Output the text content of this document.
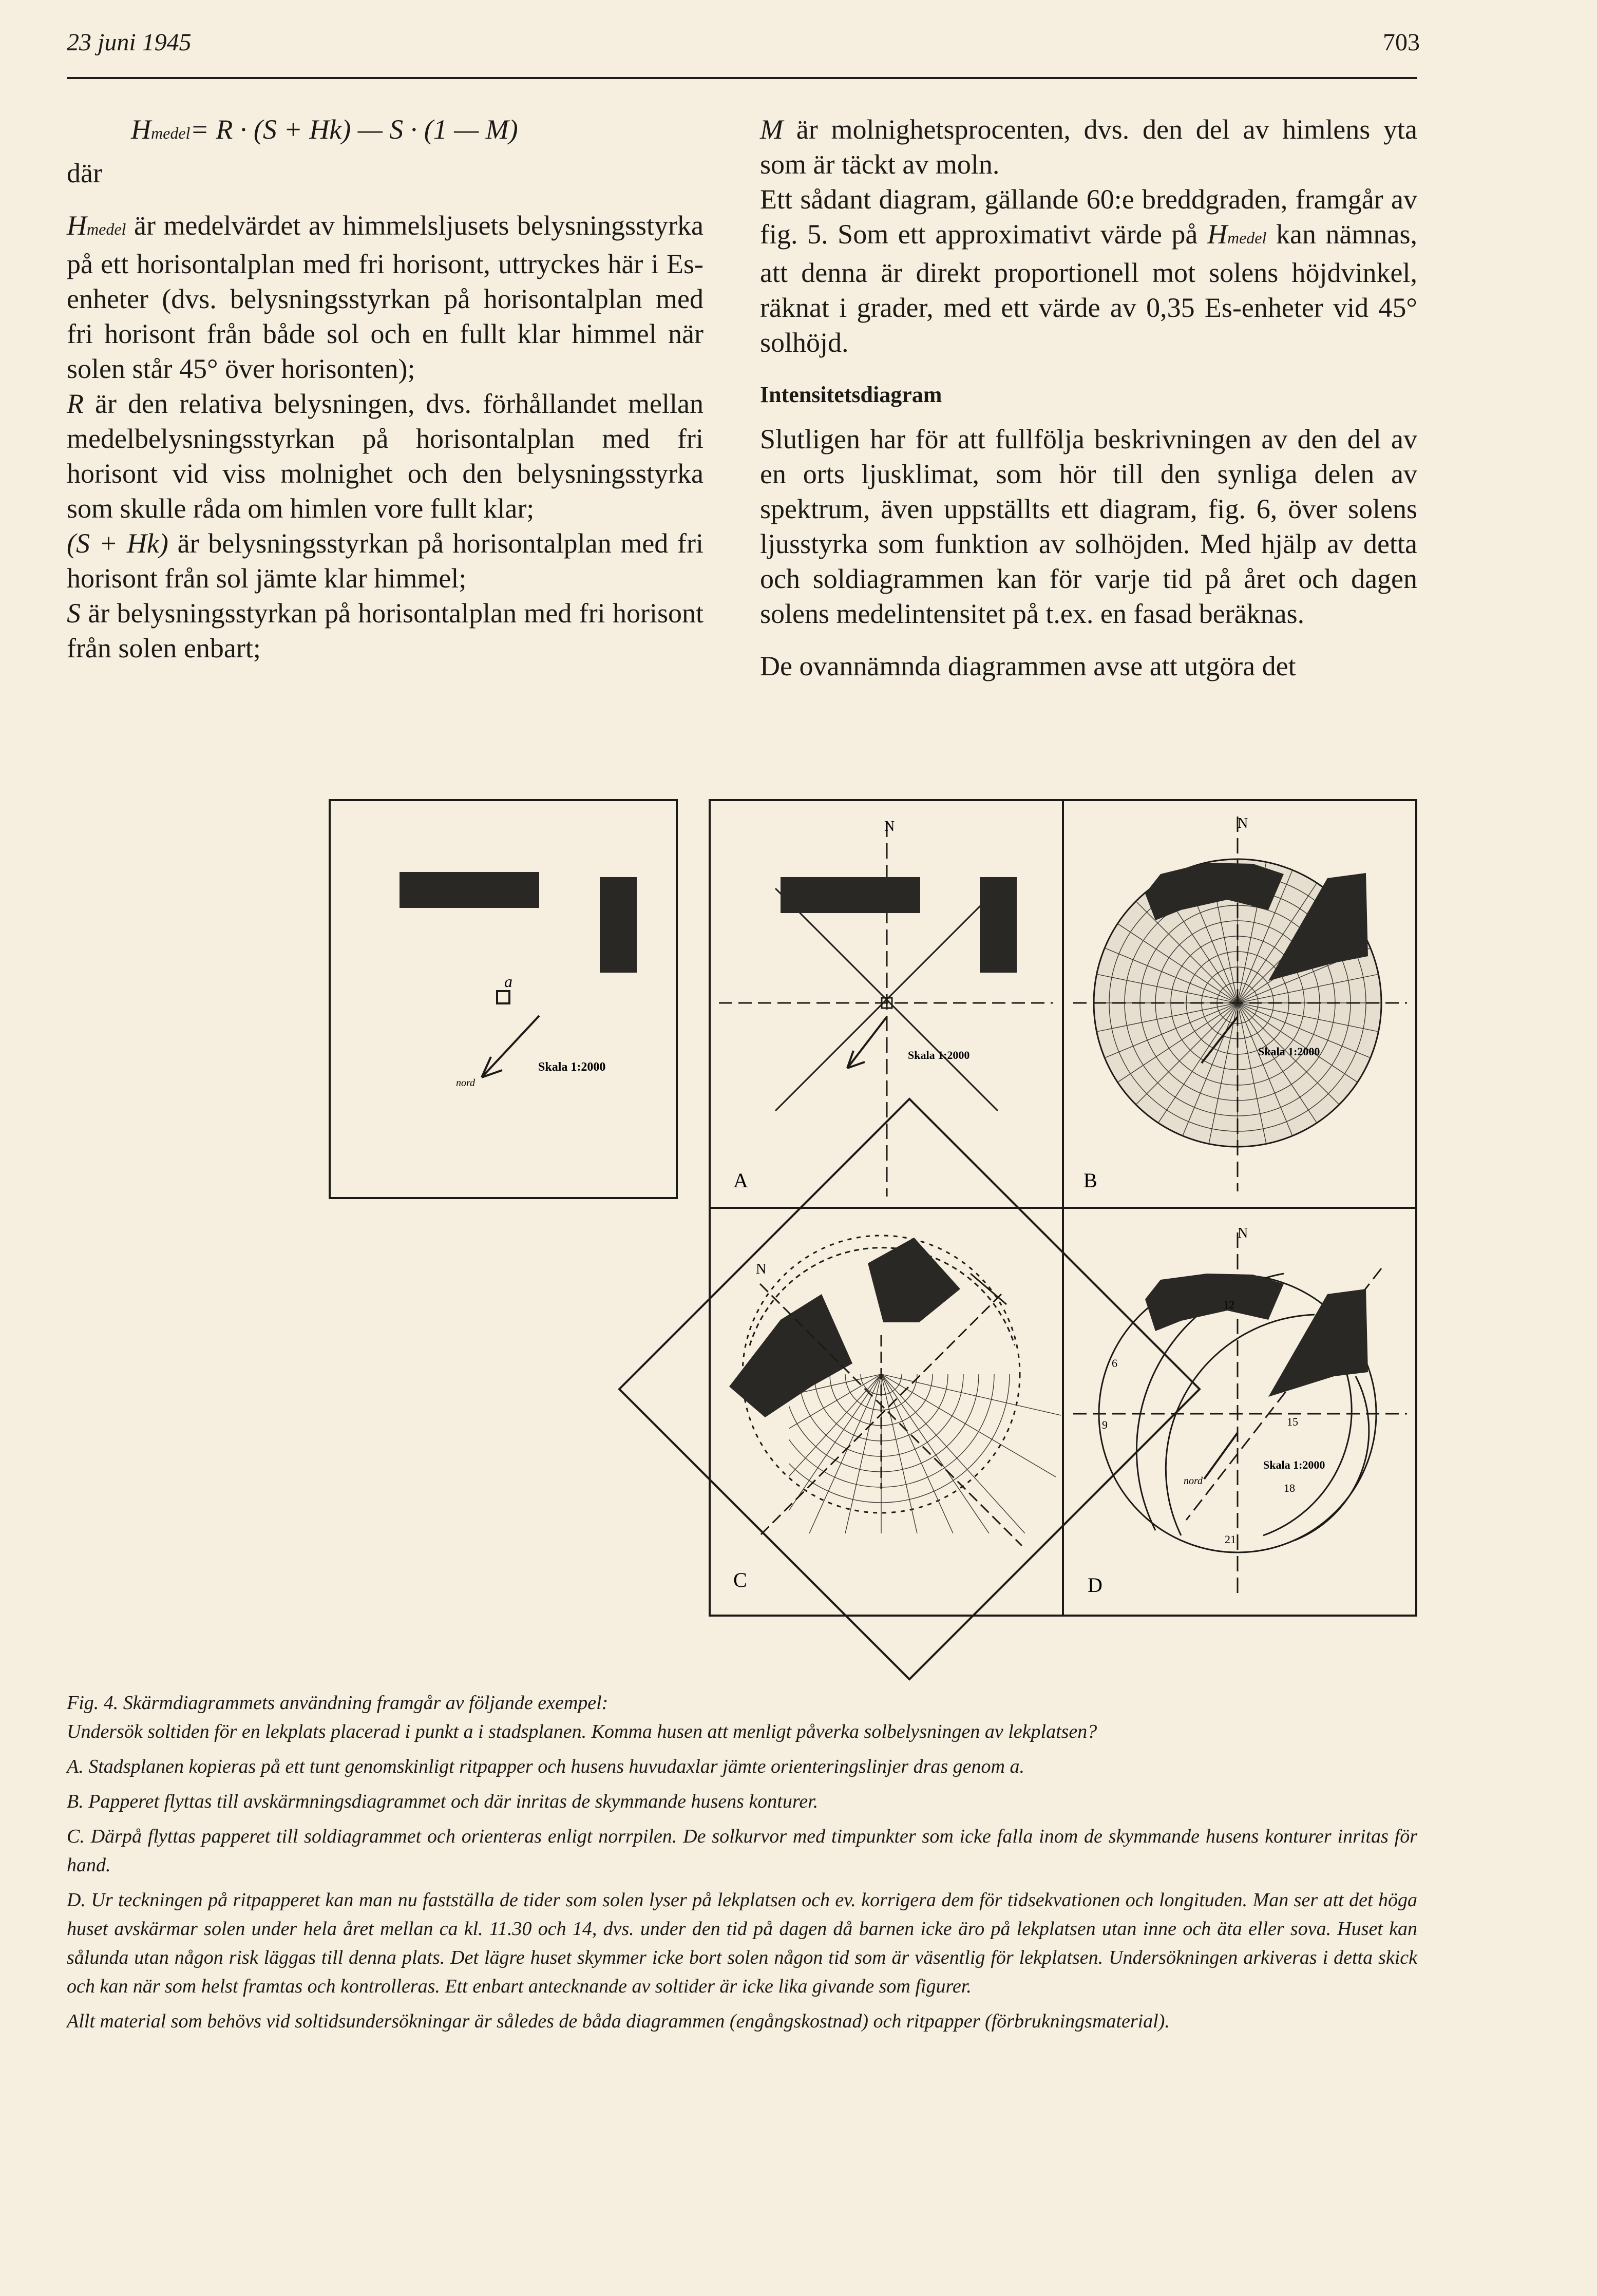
23 juni 1945	703

Hmedel= R · (S + Hk) — S · (1 — M)

där

Hmedel är medelvärdet av himmelsljusets belysningsstyrka på ett horisontalplan med fri horisont, uttryckes här i Es-enheter (dvs. belysningsstyrkan på horisontalplan med fri horisont från både sol och en fullt klar himmel när solen står 45° över horisonten);

R är den relativa belysningen, dvs. förhållandet mellan medelbelysningsstyrkan på horisontalplan med fri horisont vid viss molnighet och den belysningsstyrka som skulle råda om himlen vore fullt klar;

(S + Hk) är belysningsstyrkan på horisontalplan med fri horisont från sol jämte klar himmel;

S är belysningsstyrkan på horisontalplan med fri horisont från solen enbart;

M är molnighetsprocenten, dvs. den del av himlens yta som är täckt av moln.

Ett sådant diagram, gällande 60:e breddgraden, framgår av fig. 5. Som ett approximativt värde på Hmedel kan nämnas, att denna är direkt proportionell mot solens höjdvinkel, räknat i grader, med ett värde av 0,35 Es-enheter vid 45° solhöjd.

Intensitetsdiagram

Slutligen har för att fullfölja beskrivningen av den del av en orts ljusklimat, som hör till den synliga delen av spektrum, även uppställts ett diagram, fig. 6, över solens ljusstyrka som funktion av solhöjden. Med hjälp av detta och soldiagrammen kan för varje tid på året och dagen solens medelintensitet på t.ex. en fasad beräknas.

De ovannämnda diagrammen avse att utgöra det

a
Skala 1:2000
nord
Skala 1:2000
N
A
Skala 1:2000
N
B
N
C
Skala 1:2000
nord
6
9
12
15
18
21
N
D

Fig. 4. Skärmdiagrammets användning framgår av följande exempel:

Undersök soltiden för en lekplats placerad i punkt a i stadsplanen. Komma husen att menligt påverka solbelysningen av lekplatsen?

A. Stadsplanen kopieras på ett tunt genomskinligt ritpapper och husens huvudaxlar jämte orienteringslinjer dras genom a.

B. Papperet flyttas till avskärmningsdiagrammet och där inritas de skymmande husens konturer.

C. Därpå flyttas papperet till soldiagrammet och orienteras enligt norrpilen. De solkurvor med timpunkter som icke falla inom de skymmande husens konturer inritas för hand.

D. Ur teckningen på ritpapperet kan man nu fastställa de tider som solen lyser på lekplatsen och ev. korrigera dem för tidsekvationen och longituden. Man ser att det höga huset avskärmar solen under hela året mellan ca kl. 11.30 och 14, dvs. under den tid på dagen då barnen icke äro på lekplatsen utan inne och äta eller sova. Huset kan sålunda utan någon risk läggas till denna plats. Det lägre huset skymmer icke bort solen någon tid som är väsentlig för lekplatsen. Undersökningen arkiveras i detta skick och kan när som helst framtas och kontrolleras. Ett enbart antecknande av soltider är icke lika givande som figurer.

Allt material som behövs vid soltidsundersökningar är således de båda diagrammen (engångskostnad) och ritpapper (förbrukningsmaterial).
